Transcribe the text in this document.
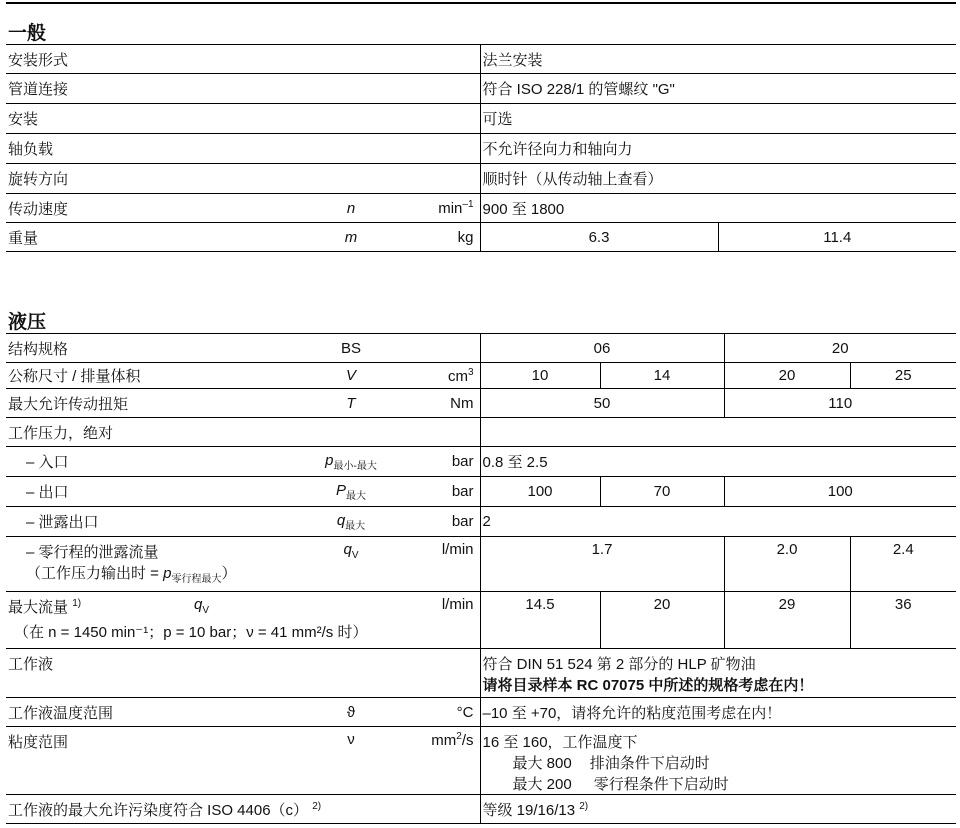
一般
安装形式			法兰安装	
管道连接			符合 ISO 228/1 的管螺纹 "G"	
安装			可选	
轴负载			不允许径向力和轴向力	
旋转方向			顺时针（从传动轴上查看）	
传动速度	n	$\min^{-1}$	900 至 1800	
重量	m	kg	6.3	11.4
液压
结构规格	BS		06		20	
公称尺寸 / 排量体积	V	$cm^3$	10	14	20	25
最大允许传动扭矩	T	Nm	50		110	
工作压力，绝对						
– 入口	$p_{最小-最大}$	bar	0.8 至 2.5			
– 出口	$P_{最大}$	bar	100	70	100	
– 泄露出口	$q_{最大}$	bar	2			

– 零行程的泄露流量
（工作压力输出时 = $p_{零行程最大}$）	$q_V$	l/min	1.7		2.0	2.4

最大流量 $^{1)}$
（在 n = 1450 min⁻¹；p = 10 bar；ν = 41 mm²/s 时）
$q_V$ l/min			14.5	20	29	36
工作液			符合 DIN 51 524 第 2 部分的 HLP 矿物油
请将目录样本 RC 07075 中所述的规格考虑在内！			

工作液温度范围	ϑ	°C	–10 至 +70，请将允许的粘度范围考虑在内！			
粘度范围	ν	$mm^2/s$	16 至 160，工作温度下
最大 800 排油条件下启动时
最大 200 零行程条件下启动时			

工作液的最大允许污染度符合 ISO 4406（c） $^{2)}$			等级 19/16/13 $^{2)}$
